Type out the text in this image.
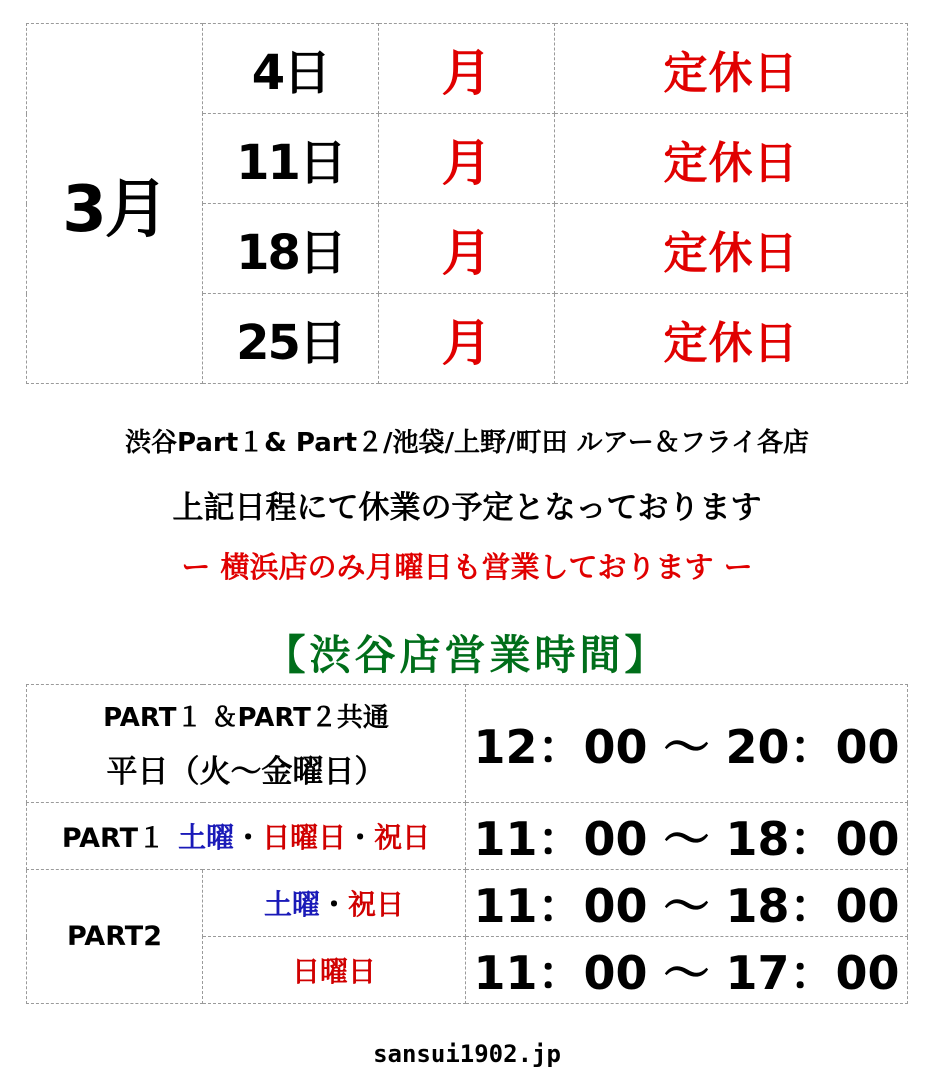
3月	4日	月	定休日
	11日	月	定休日
	18日	月	定休日
	25日	月	定休日
渋谷Part１& Part２/池袋/上野/町田 ルアー＆フライ各店
上記日程にて休業の予定となっております
ー 横浜店のみ月曜日も営業しております ー
【渋谷店営業時間】
PART１ ＆PART２共通
平日（火～金曜日）		12：00 ～ 20：00
PART１ 土曜・日曜日・祝日		11：00 ～ 18：00
PART2	土曜・祝日	11：00 ～ 18：00
	日曜日	11：00 ～ 17：00
sansui1902.jp
